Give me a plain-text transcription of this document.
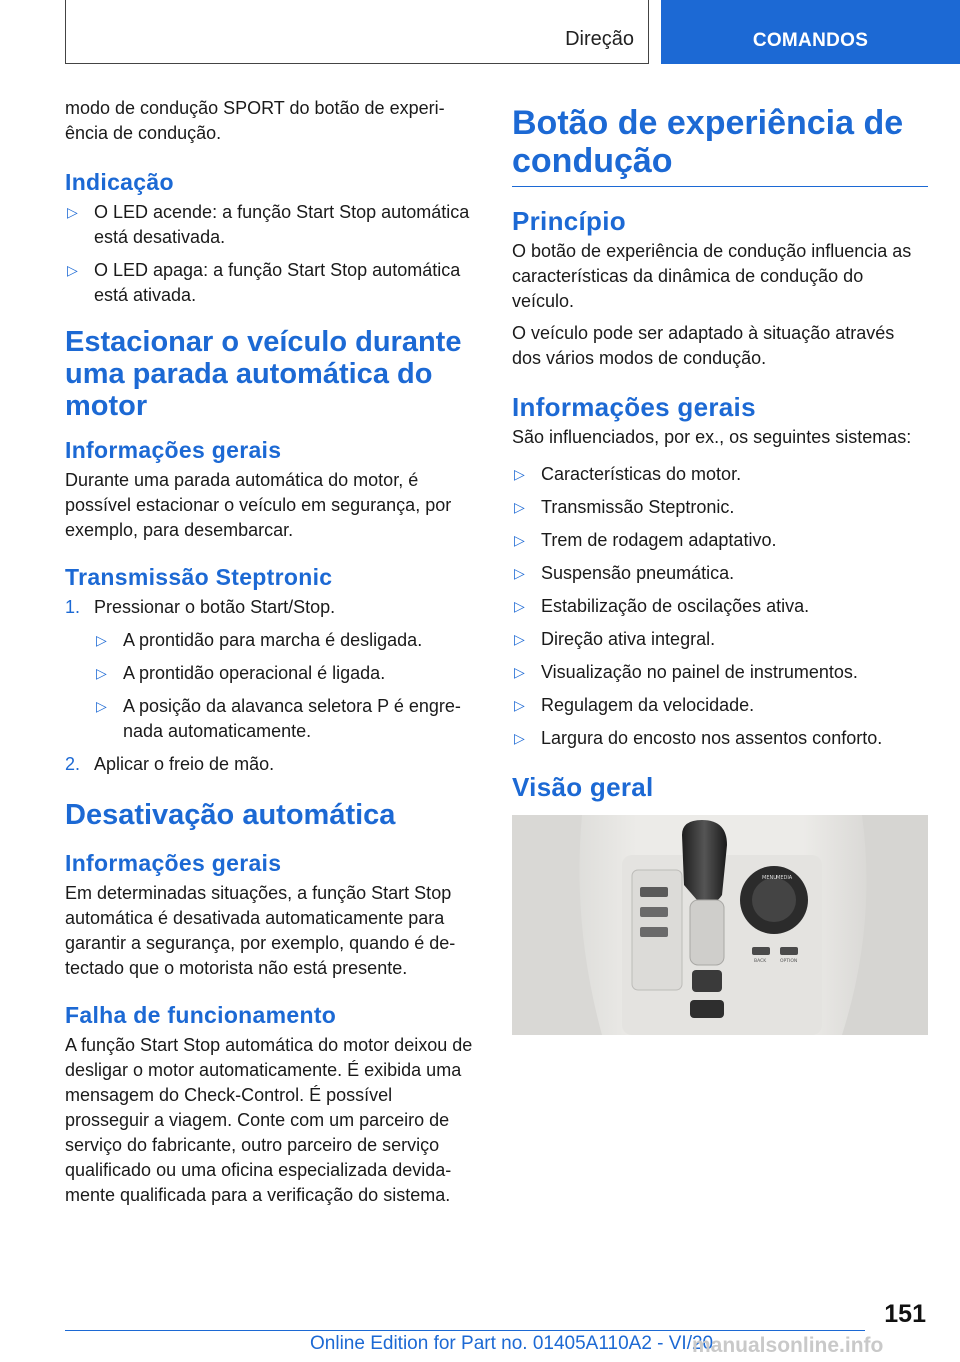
Direção	COMANDOS

modo de condução SPORT do botão de experiência de condução.

Indicação
▷ O LED acende: a função Start Stop automática está desativada.
▷ O LED apaga: a função Start Stop automática está ativada.
Estacionar o veículo durante uma parada automática do motor
Informações gerais

Durante uma parada automática do motor, é possível estacionar o veículo em segurança, por exemplo, para desembarcar.

Transmissão Steptronic
1. Pressionar o botão Start/Stop.
▷ A prontidão para marcha é desligada.
▷ A prontidão operacional é ligada.
▷ A posição da alavanca seletora P é engrenada automaticamente.
2. Aplicar o freio de mão.
Desativação automática
Informações gerais

Em determinadas situações, a função Start Stop automática é desativada automaticamente para garantir a segurança, por exemplo, quando é detectado que o motorista não está presente.

Falha de funcionamento

A função Start Stop automática do motor deixou de desligar o motor automaticamente. É exibida uma mensagem do Check-Control. É possível prosseguir a viagem. Conte com um parceiro de serviço do fabricante, outro parceiro de serviço qualificado ou uma oficina especializada devidamente qualificada para a verificação do sistema.

Botão de experiência de condução
Princípio

O botão de experiência de condução influencia as características da dinâmica de condução do veículo.

O veículo pode ser adaptado à situação através dos vários modos de condução.

Informações gerais

São influenciados, por ex., os seguintes sistemas:

▷ Características do motor.
▷ Transmissão Steptronic.
▷ Trem de rodagem adaptativo.
▷ Suspensão pneumática.
▷ Estabilização de oscilações ativa.
▷ Direção ativa integral.
▷ Visualização no painel de instrumentos.
▷ Regulagem da velocidade.
▷ Largura do encosto nos assentos conforto.
Visão geral
MENU MEDIA
BACK	OPTION
151
Online Edition for Part no. 01405A110A2 - VI/20
manualsonline.info
